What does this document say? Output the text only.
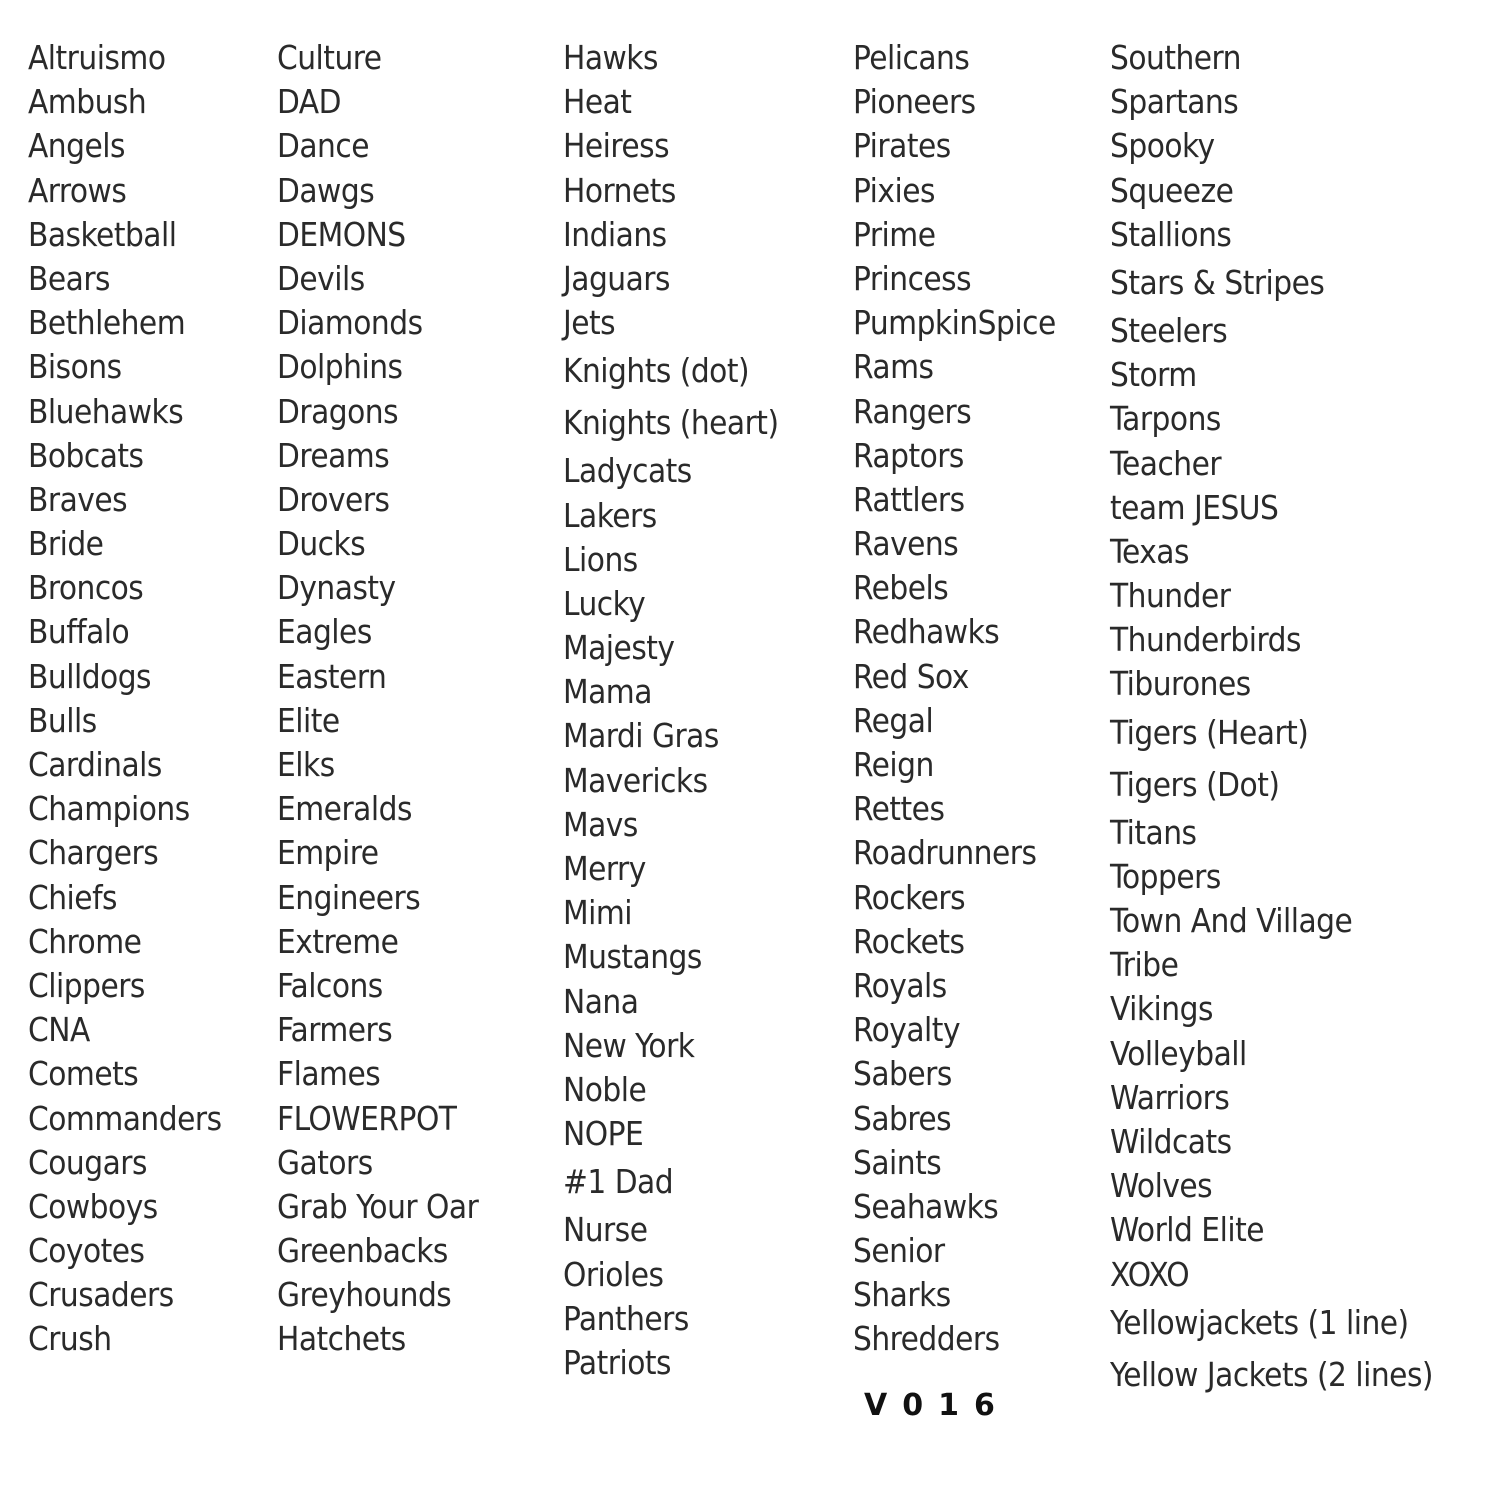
Altruismo
Ambush
Angels
Arrows
Basketball
Bears
Bethlehem
Bisons
Bluehawks
Bobcats
Braves
Bride
Broncos
Buffalo
Bulldogs
Bulls
Cardinals
Champions
Chargers
Chiefs
Chrome
Clippers
CNA
Comets
Commanders
Cougars
Cowboys
Coyotes
Crusaders
Crush
Culture
DAD
Dance
Dawgs
DEMONS
Devils
Diamonds
Dolphins
Dragons
Dreams
Drovers
Ducks
Dynasty
Eagles
Eastern
Elite
Elks
Emeralds
Empire
Engineers
Extreme
Falcons
Farmers
Flames
FLOWERPOT
Gators
Grab Your Oar
Greenbacks
Greyhounds
Hatchets
Hawks
Heat
Heiress
Hornets
Indians
Jaguars
Jets
Knights (dot)
Knights (heart)
Ladycats
Lakers
Lions
Lucky
Majesty
Mama
Mardi Gras
Mavericks
Mavs
Merry
Mimi
Mustangs
Nana
New York
Noble
NOPE
#1 Dad
Nurse
Orioles
Panthers
Patriots
Pelicans
Pioneers
Pirates
Pixies
Prime
Princess
PumpkinSpice
Rams
Rangers
Raptors
Rattlers
Ravens
Rebels
Redhawks
Red Sox
Regal
Reign
Rettes
Roadrunners
Rockers
Rockets
Royals
Royalty
Sabers
Sabres
Saints
Seahawks
Senior
Sharks
Shredders
Southern
Spartans
Spooky
Squeeze
Stallions
Stars & Stripes
Steelers
Storm
Tarpons
Teacher
team JESUS
Texas
Thunder
Thunderbirds
Tiburones
Tigers (Heart)
Tigers (Dot)
Titans
Toppers
Town And Village
Tribe
Vikings
Volleyball
Warriors
Wildcats
Wolves
World Elite
XOXO
Yellowjackets (1 line)
Yellow Jackets (2 lines)
V016
